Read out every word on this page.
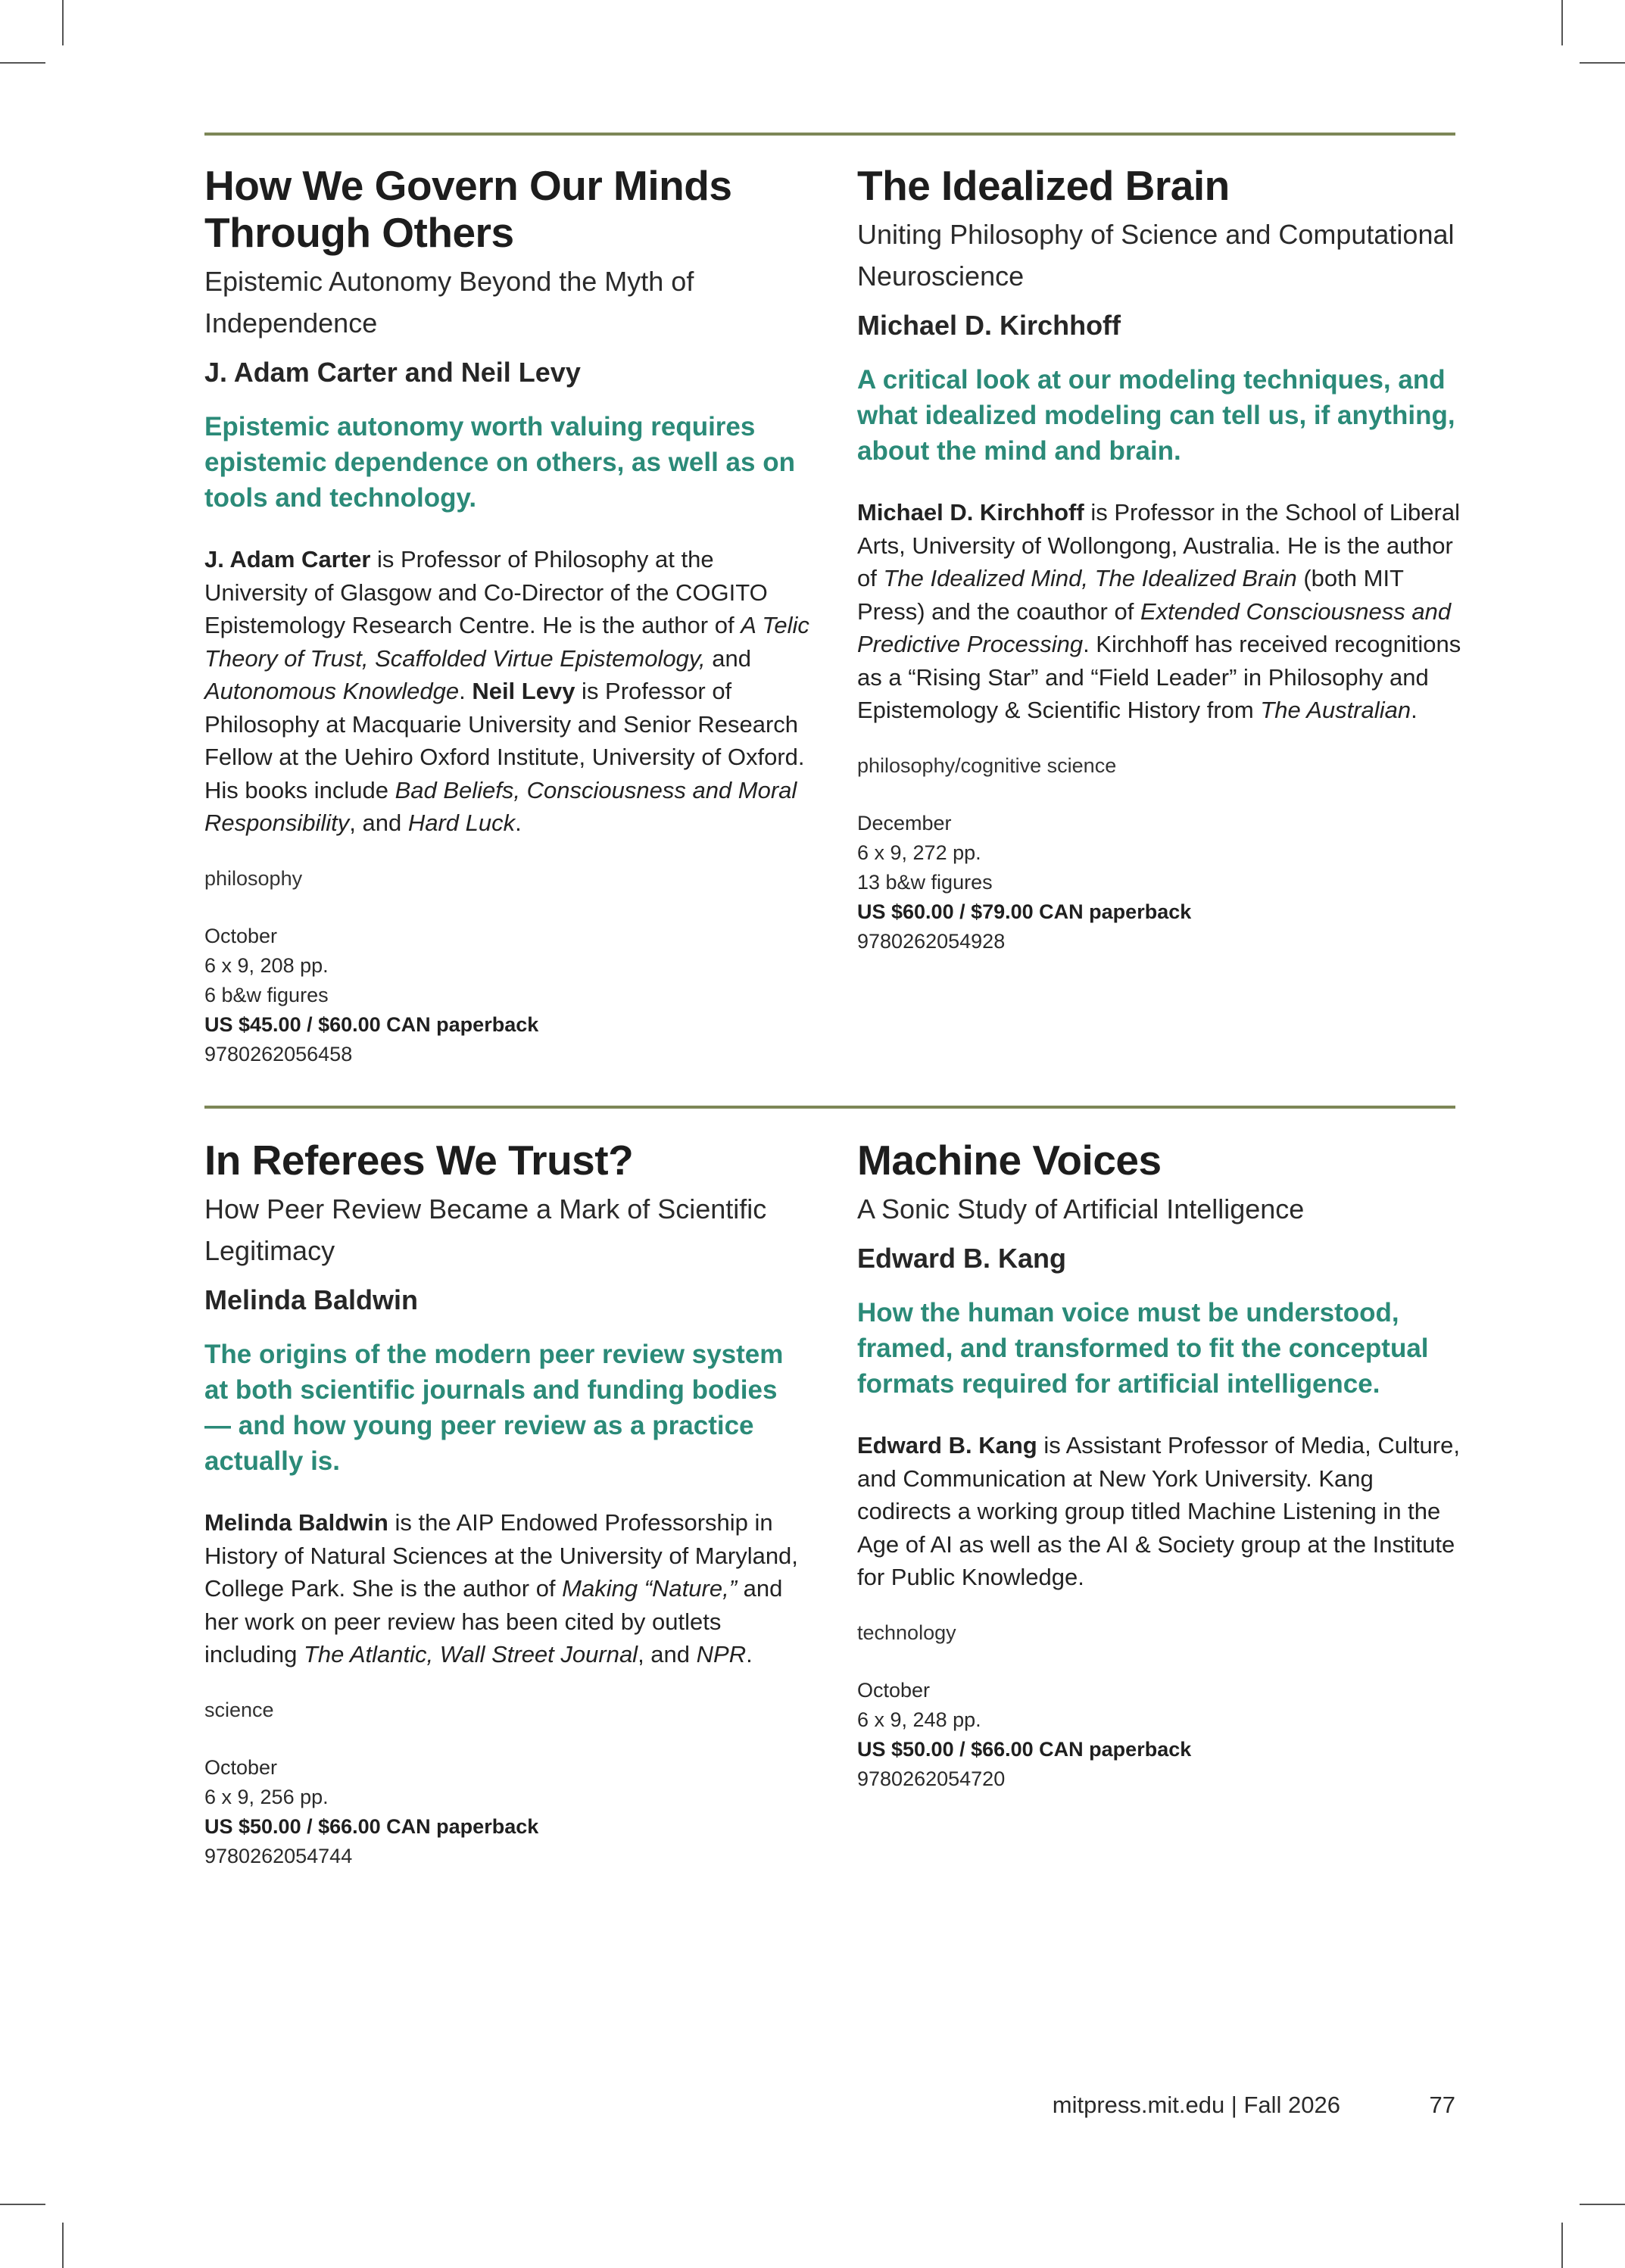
How We Govern Our Minds Through Others
Epistemic Autonomy Beyond the Myth of Independence
J. Adam Carter and Neil Levy
Epistemic autonomy worth valuing requires epistemic dependence on others, as well as on tools and technology.
J. Adam Carter is Professor of Philosophy at the University of Glasgow and Co-Director of the COGITO Epistemology Research Centre. He is the author of A Telic Theory of Trust, Scaffolded Virtue Epistemology, and Autonomous Knowledge. Neil Levy is Professor of Philosophy at Macquarie University and Senior Research Fellow at the Uehiro Oxford Institute, University of Oxford. His books include Bad Beliefs, Consciousness and Moral Responsibility, and Hard Luck.
philosophy
October
6 x 9, 208 pp.
6 b&w figures
US $45.00 / $60.00 CAN paperback
9780262056458
The Idealized Brain
Uniting Philosophy of Science and Computational Neuroscience
Michael D. Kirchhoff
A critical look at our modeling techniques, and what idealized modeling can tell us, if anything, about the mind and brain.
Michael D. Kirchhoff is Professor in the School of Liberal Arts, University of Wollongong, Australia. He is the author of The Idealized Mind, The Idealized Brain (both MIT Press) and the coauthor of Extended Consciousness and Predictive Processing. Kirchhoff has received recognitions as a “Rising Star” and “Field Leader” in Philosophy and Epistemology & Scientific History from The Australian.
philosophy/cognitive science
December
6 x 9, 272 pp.
13 b&w figures
US $60.00 / $79.00 CAN paperback
9780262054928
In Referees We Trust?
How Peer Review Became a Mark of Scientific Legitimacy
Melinda Baldwin
The origins of the modern peer review system at both scientific journals and funding bodies — and how young peer review as a practice actually is.
Melinda Baldwin is the AIP Endowed Professorship in History of Natural Sciences at the University of Maryland, College Park. She is the author of Making “Nature,” and her work on peer review has been cited by outlets including The Atlantic, Wall Street Journal, and NPR.
science
October
6 x 9, 256 pp.
US $50.00 / $66.00 CAN paperback
9780262054744
Machine Voices
A Sonic Study of Artificial Intelligence
Edward B. Kang
How the human voice must be understood, framed, and transformed to fit the conceptual formats required for artificial intelligence.
Edward B. Kang is Assistant Professor of Media, Culture, and Communication at New York University. Kang codirects a working group titled Machine Listening in the Age of AI as well as the AI & Society group at the Institute for Public Knowledge.
technology
October
6 x 9, 248 pp.
US $50.00 / $66.00 CAN paperback
9780262054720
mitpress.mit.edu | Fall 2026	77
